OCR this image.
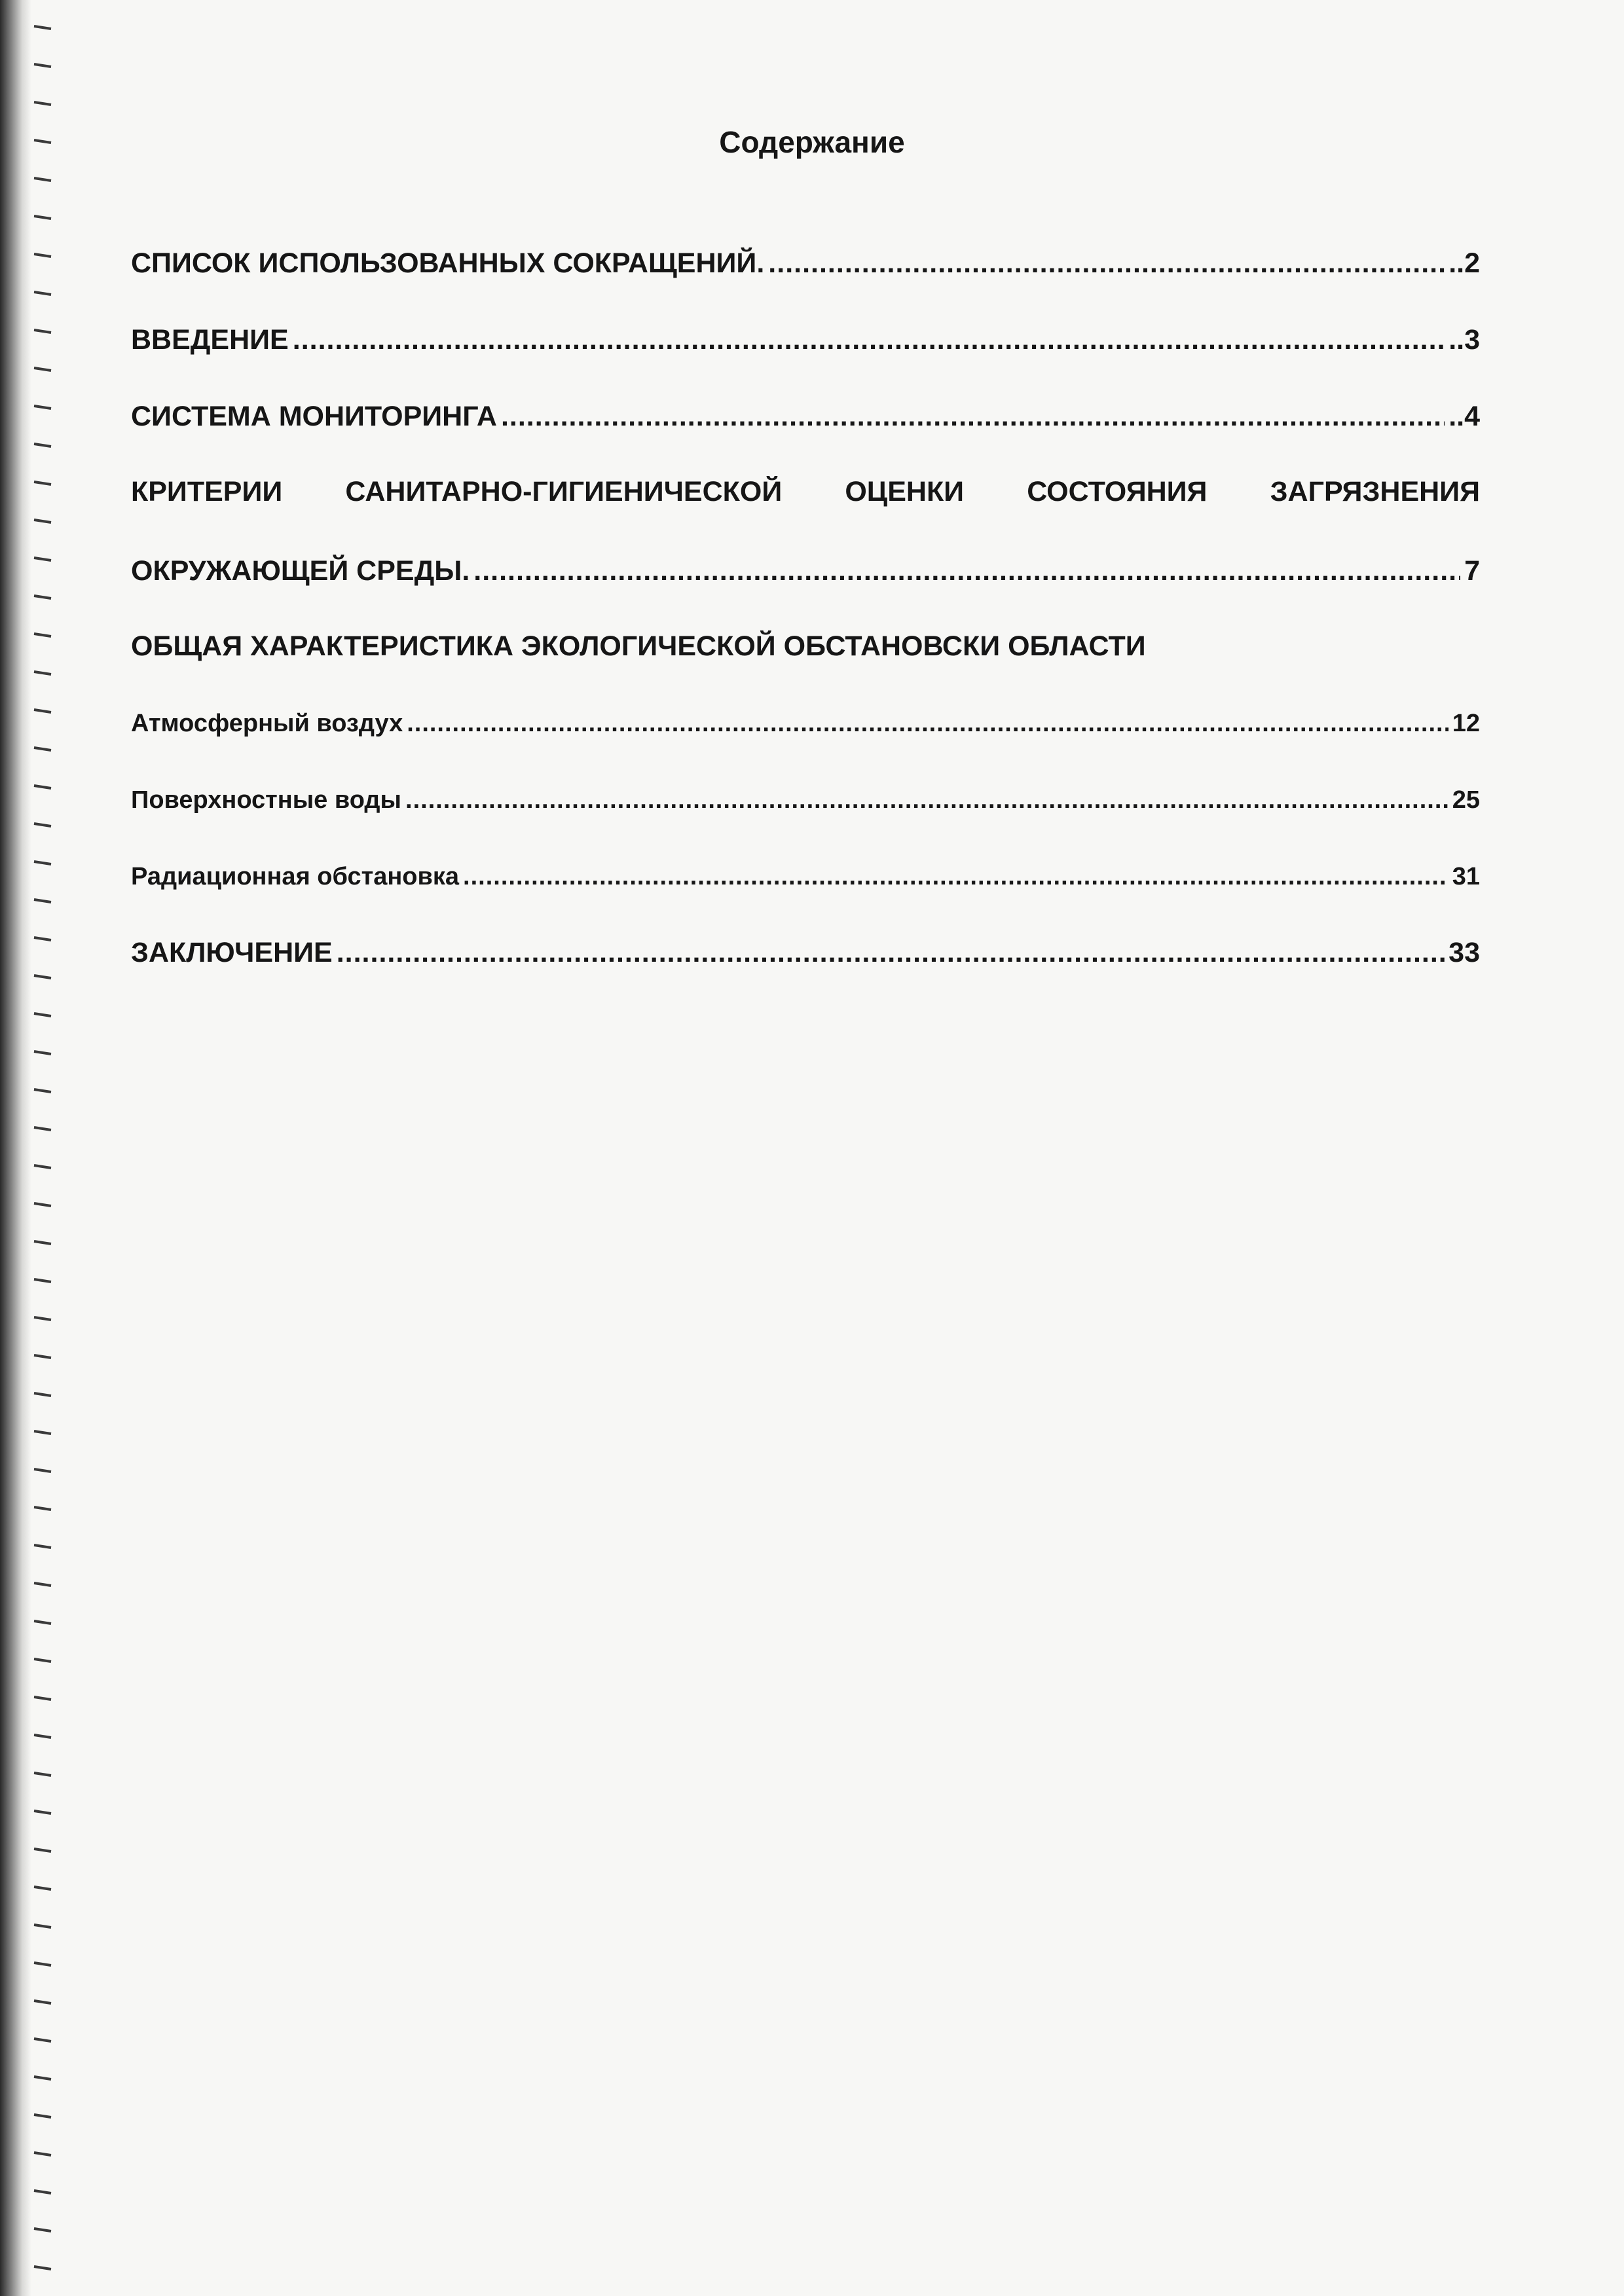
Содержание
СПИСОК ИСПОЛЬЗОВАННЫХ СОКРАЩЕНИЙ. .....	..2
ВВЕДЕНИЕ .....	..3
СИСТЕМА МОНИТОРИНГА .....	..4
КРИТЕРИИ САНИТАРНО-ГИГИЕНИЧЕСКОЙ ОЦЕНКИ СОСТОЯНИЯ ЗАГРЯЗНЕНИЯ
ОКРУЖАЮЩЕЙ СРЕДЫ. .....	7
ОБЩАЯ ХАРАКТЕРИСТИКА ЭКОЛОГИЧЕСКОЙ ОБСТАНОВСКИ ОБЛАСТИ
Атмосферный воздух .....	12
Поверхностные воды .....	25
Радиационная обстановка .....	31
ЗАКЛЮЧЕНИЕ .....	33
